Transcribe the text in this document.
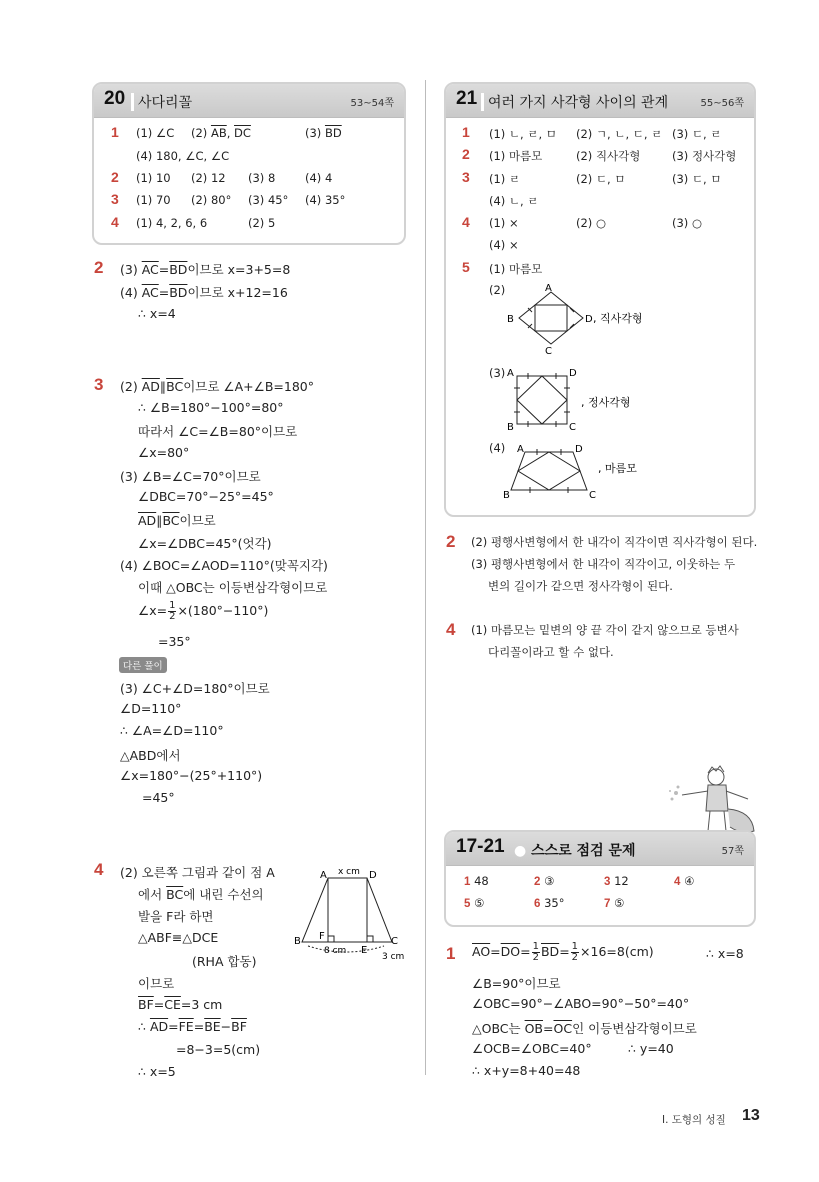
20 사다리꼴	53~54쪽
1 (1) ∠C (2) $\overline{AB}$, $\overline{DC}$	(3) $\overline{BD}$
(4) 180, ∠C, ∠C
2 (1) 10 (2) 12 (3) 8	(4) 4
3 (1) 70 (2) 80° (3) 45° (4) 35°
4 (1) 4, 2, 6, 6	(2) 5
2 (3) $\overline{AC}=\overline{BD}$이므로 x=3+5=8
(4) $\overline{AC}=\overline{BD}$이므로 x+12=16
∴ x=4
3 (2) $\overline{AD}\parallel\overline{BC}$이므로 ∠A+∠B=180°
∴ ∠B=180°−100°=80°
따라서 ∠C=∠B=80°이므로
∠x=80°
(3) ∠B=∠C=70°이므로
∠DBC=70°−25°=45°
$\overline{AD}\parallel\overline{BC}$이므로
∠x=∠DBC=45°(엇각)
(4) ∠BOC=∠AOD=110°(맞꼭지각)
이때 △OBC는 이등변삼각형이므로
∠x= $\frac{1}{2} \times(180^\circ-110^\circ)$
=35°
다른 풀이
(3) ∠C+∠D=180°이므로
∠D=110°
∴ ∠A=∠D=110°
△ABD에서
∠x=180°−(25°+110°)
=45°
4 (2) 오른쪽 그림과 같이 점 A
에서 $\overline{BC}$에 내린 수선의
발을 F라 하면
△ABF≡△DCE
(RHA 합동)
이므로
$\overline{BF}=\overline{CE}=3$ cm
∴ $\overline{AD}=\overline{FE}=\overline{BE}-\overline{BF}$
=8−3=5(cm)
∴ x=5
A x cm D
B F
E
C
8 cm
3 cm
21 여러 가지 사각형 사이의 관계	55~56쪽
1 (1) ㄴ, ㄹ, ㅁ (2) ㄱ, ㄴ, ㄷ, ㄹ (3) ㄷ, ㄹ
2 (1) 마름모	(2) 직사각형	(3) 정사각형
3 (1) ㄹ	(2) ㄷ, ㅁ	(3) ㄷ, ㅁ
(4) ㄴ, ㄹ
4 (1) ×	(2) ○	(3) ○
(4) ×
5 (1) 마름모
(2)	A
B
C
D , 직사각형
(3) A	D
B	C
, 정사각형
(4) A	D
B	C
, 마름모
2 (2) 평행사변형에서 한 내각이 직각이면 직사각형이 된다.
(3) 평행사변형에서 한 내각이 직각이고, 이웃하는 두
변의 길이가 같으면 정사각형이 된다.
4 (1) 마름모는 밑변의 양 끝 각이 같지 않으므로 등변사
다리꼴이라고 할 수 없다.
17-21 ● 스스로 점검 문제	57쪽
1 48	2 ③	3 12	4 ④
5 ⑤	6 35°	7 ⑤
1 $\overline{AO}=\overline{DO}= \frac{1}{2} \overline{BD}= \frac{1}{2} \times 16=8(cm)$	∴ x=8
∠B=90°이므로
∠OBC=90°−∠ABO=90°−50°=40°
△OBC는 $\overline{OB}=\overline{OC}$인 이등변삼각형이므로
∠OCB=∠OBC=40°	∴ y=40
∴ x+y=8+40=48
Ⅰ. 도형의 성질 13
